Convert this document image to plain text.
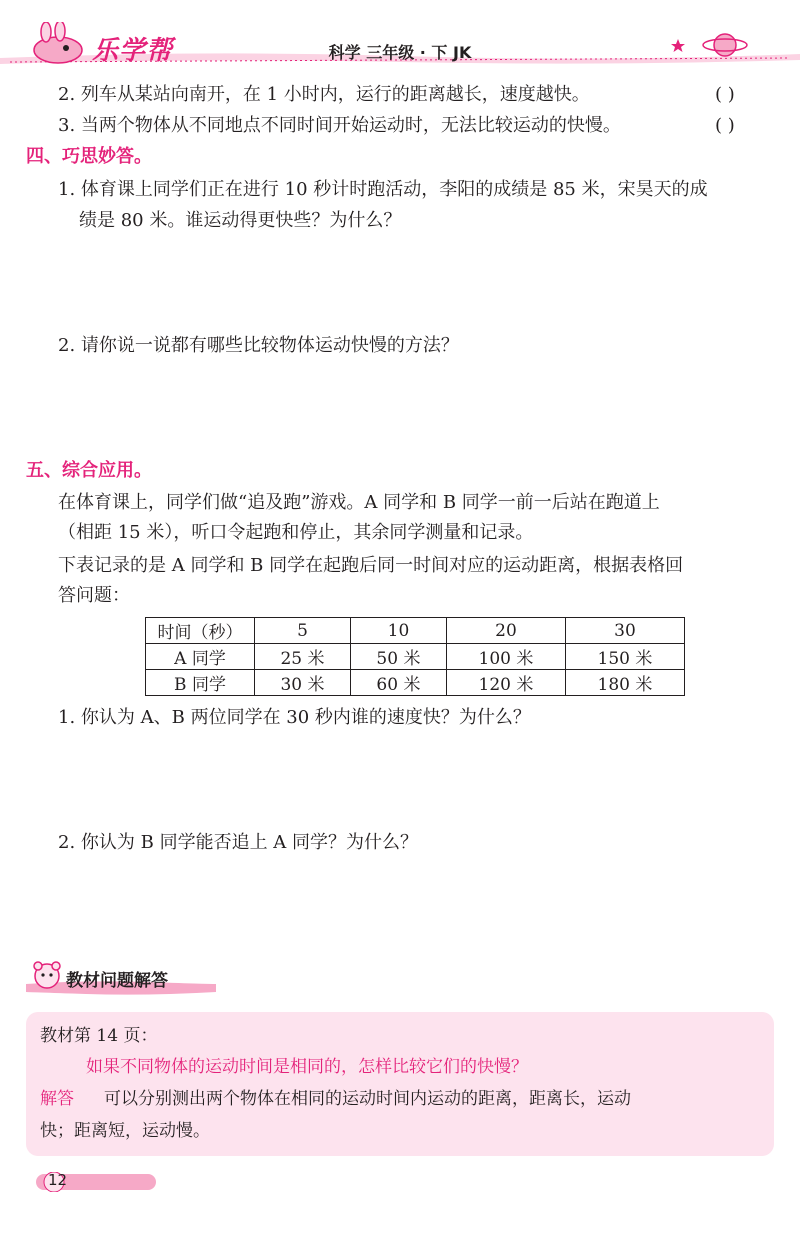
乐学帮	科学 三年级 · 下 JK
2. 列车从某站向南开，在 1 小时内，运行的距离越长，速度越快。	( )
3. 当两个物体从不同地点不同时间开始运动时，无法比较运动的快慢。	( )
四、巧思妙答。
1. 体育课上同学们正在进行 10 秒计时跑活动，李阳的成绩是 85 米，宋昊天的成
绩是 80 米。谁运动得更快些？为什么？
2. 请你说一说都有哪些比较物体运动快慢的方法？
五、综合应用。
在体育课上，同学们做“追及跑”游戏。A 同学和 B 同学一前一后站在跑道上
（相距 15 米），听口令起跑和停止，其余同学测量和记录。
下表记录的是 A 同学和 B 同学在起跑后同一时间对应的运动距离，根据表格回
答问题：
时间（秒）	5	10	20	30
A 同学	25 米	50 米	100 米	150 米
B 同学	30 米	60 米	120 米	180 米
1. 你认为 A、B 两位同学在 30 秒内谁的速度快？为什么？
2. 你认为 B 同学能否追上 A 同学？为什么？
教材问题解答
教材第 14 页：
如果不同物体的运动时间是相同的，怎样比较它们的快慢？
解答 可以分别测出两个物体在相同的运动时间内运动的距离，距离长，运动
快；距离短，运动慢。
12
